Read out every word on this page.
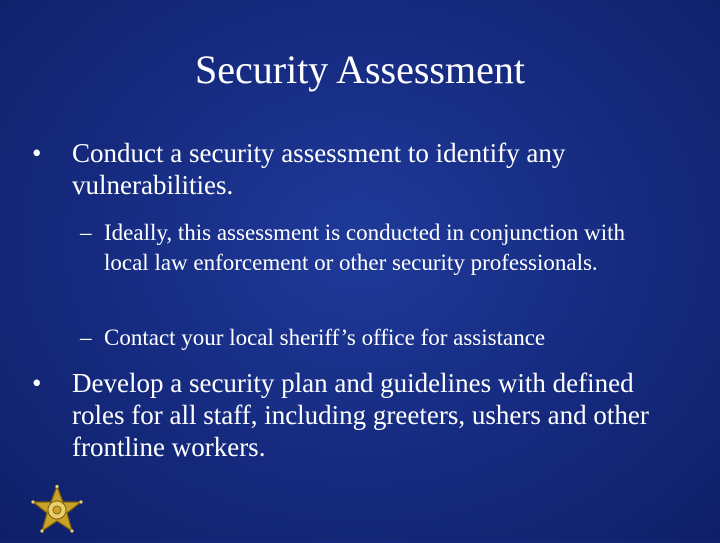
Security Assessment
• Conduct a security assessment to identify any vulnerabilities.
– Ideally, this assessment is conducted in conjunction with local law enforcement or other security professionals.
– Contact your local sheriff’s office for assistance
• Develop a security plan and guidelines with defined roles for all staff, including greeters, ushers and other frontline workers.
